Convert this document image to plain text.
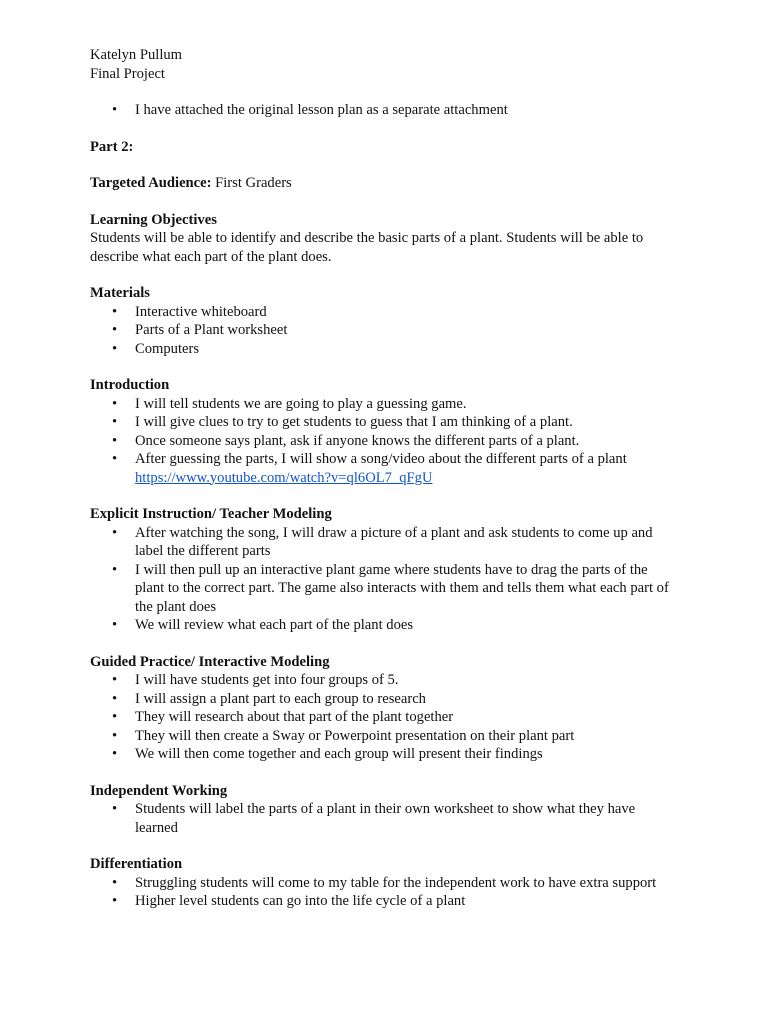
Katelyn Pullum
Final Project
• I have attached the original lesson plan as a separate attachment
Part 2:
Targeted Audience: First Graders
Learning Objectives
Students will be able to identify and describe the basic parts of a plant. Students will be able to describe what each part of the plant does.
Materials
• Interactive whiteboard
• Parts of a Plant worksheet
• Computers
Introduction
• I will tell students we are going to play a guessing game.
• I will give clues to try to get students to guess that I am thinking of a plant.
• Once someone says plant, ask if anyone knows the different parts of a plant.
• After guessing the parts, I will show a song/video about the different parts of a plant
https://www.youtube.com/watch?v=ql6OL7_qFgU
Explicit Instruction/ Teacher Modeling
• After watching the song, I will draw a picture of a plant and ask students to come up and label the different parts
• I will then pull up an interactive plant game where students have to drag the parts of the plant to the correct part. The game also interacts with them and tells them what each part of the plant does
• We will review what each part of the plant does
Guided Practice/ Interactive Modeling
• I will have students get into four groups of 5.
• I will assign a plant part to each group to research
• They will research about that part of the plant together
• They will then create a Sway or Powerpoint presentation on their plant part
• We will then come together and each group will present their findings
Independent Working
• Students will label the parts of a plant in their own worksheet to show what they have learned
Differentiation
• Struggling students will come to my table for the independent work to have extra support
• Higher level students can go into the life cycle of a plant
